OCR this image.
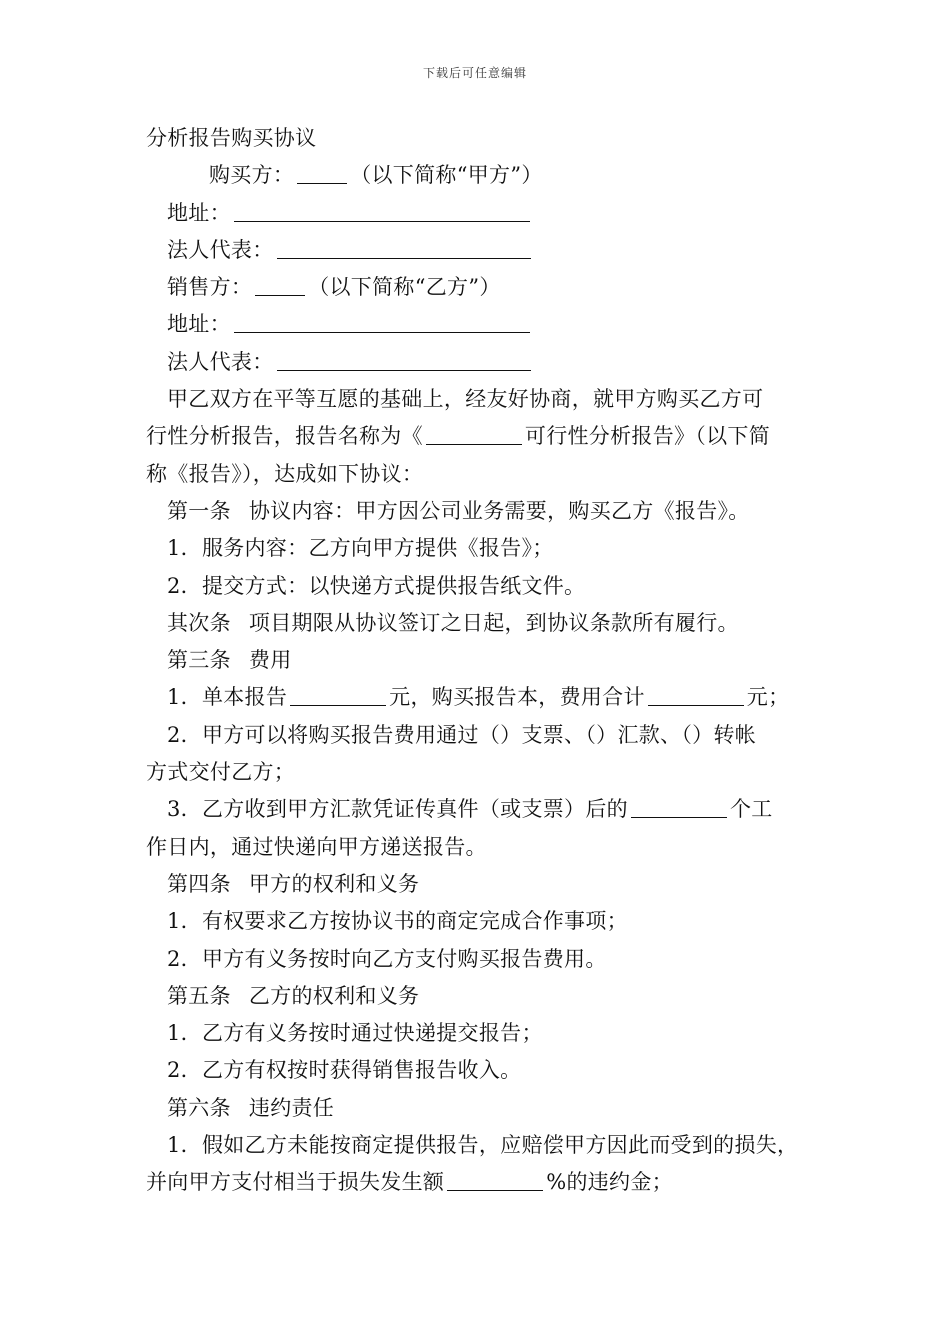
下载后可任意编辑
分析报告购买协议
购买方：	（以下简称“甲方”）
地址：
法人代表：
销售方：	（以下简称“乙方”）
地址：
法人代表：
甲乙双方在平等互愿的基础上，经友好协商，就甲方购买乙方可
行性分析报告，报告名称为《	可行性分析报告》（以下简
称《报告》），达成如下协议：
第一条 协议内容：甲方因公司业务需要，购买乙方《报告》。
1．服务内容：乙方向甲方提供《报告》；
2．提交方式：以快递方式提供报告纸文件。
其次条 项目期限从协议签订之日起，到协议条款所有履行。
第三条 费用
1．单本报告	元，购买报告本，费用合计	元；
2．甲方可以将购买报告费用通过（）支票、（）汇款、（）转帐
方式交付乙方；
3．乙方收到甲方汇款凭证传真件（或支票）后的	个工
作日内，通过快递向甲方递送报告。
第四条 甲方的权利和义务
1．有权要求乙方按协议书的商定完成合作事项；
2．甲方有义务按时向乙方支付购买报告费用。
第五条 乙方的权利和义务
1．乙方有义务按时通过快递提交报告；
2．乙方有权按时获得销售报告收入。
第六条 违约责任
1．假如乙方未能按商定提供报告，应赔偿甲方因此而受到的损失，
并向甲方支付相当于损失发生额	%的违约金；
